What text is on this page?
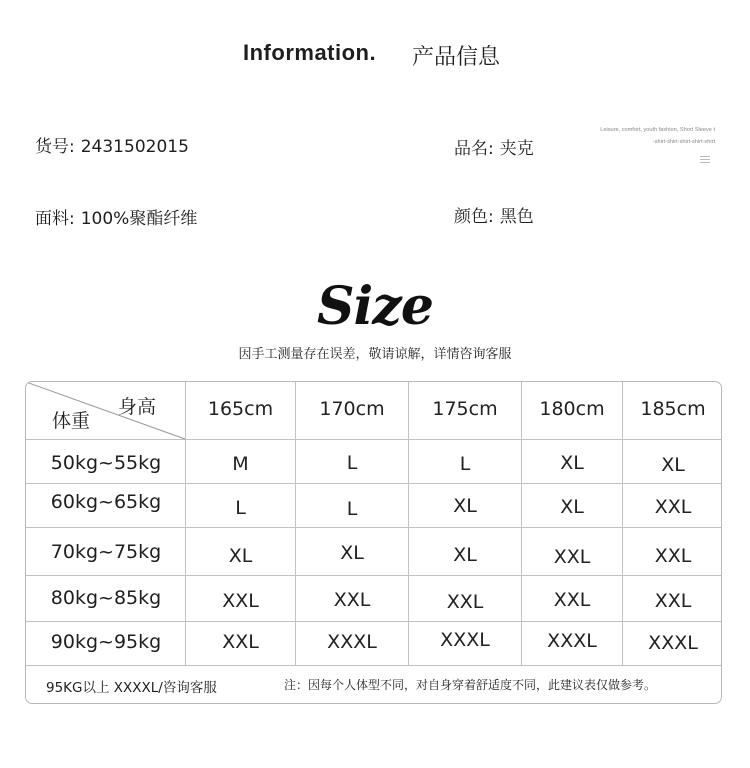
Information. 产品信息
货号: 2431502015	品名: 夹克
面料: 100%聚酯纤维	颜色: 黑色
Leisure, comfort, youth fashion, Short Sleeve t
-shirt-shirt-shirt-shirt-shirt
Size
因手工测量存在误差，敬请谅解，详情咨询客服
身高
体重
165cm	170cm	175cm	180cm	185cm
50kg~55kg	M	L	L	XL	XL
60kg~65kg	L	L	XL	XL	XXL
70kg~75kg	XL	XL	XL	XXL	XXL
80kg~85kg	XXL	XXL	XXL	XXL	XXL
90kg~95kg	XXL	XXXL	XXXL	XXXL	XXXL
95KG以上 XXXXL/咨询客服	注：因每个人体型不同，对自身穿着舒适度不同，此建议表仅做参考。
